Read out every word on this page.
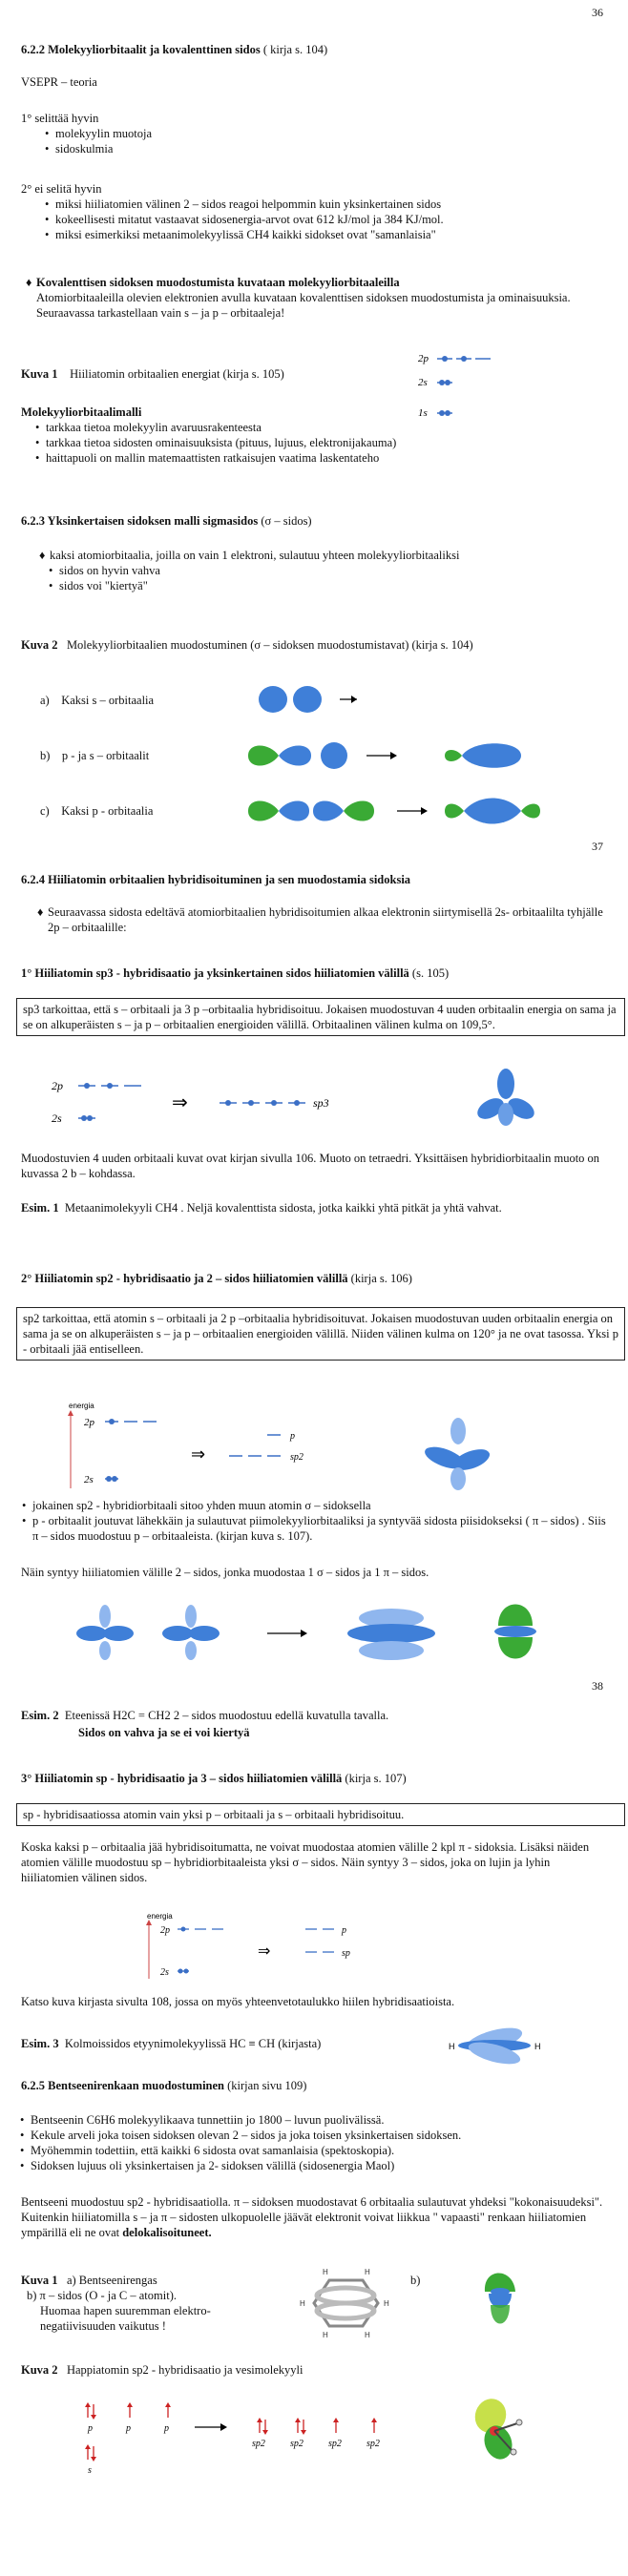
36
6.2.2 Molekyyliorbitaalit ja kovalenttinen sidos ( kirja s. 104)
VSEPR – teoria
1° selittää hyvin
• molekyylin muotoja
• sidoskulmia
2° ei selitä hyvin
• miksi hiiliatomien välinen 2 – sidos reagoi helpommin kuin yksinkertainen sidos
• kokeellisesti mitatut vastaavat sidosenergia-arvot ovat 612 kJ/mol ja 384 KJ/mol.
• miksi esimerkiksi metaanimolekyylissä CH4 kaikki sidokset ovat "samanlaisia"
♦ Kovalenttisen sidoksen muodostumista kuvataan molekyyliorbitaaleilla
Atomiorbitaaleilla olevien elektronien avulla kuvataan kovalenttisen sidoksen muodostumista ja ominaisuuksia. Seuraavassa tarkastellaan vain s – ja p – orbitaaleja!
Kuva 1 Hiiliatomin orbitaalien energiat (kirja s. 105)
2p
2s
1s
Molekyyliorbitaalimalli
• tarkkaa tietoa molekyylin avaruusrakenteesta
• tarkkaa tietoa sidosten ominaisuuksista (pituus, lujuus, elektronijakauma)
• haittapuoli on mallin matemaattisten ratkaisujen vaatima laskentateho
6.2.3 Yksinkertaisen sidoksen malli sigmasidos (σ – sidos)
♦ kaksi atomiorbitaalia, joilla on vain 1 elektroni, sulautuu yhteen molekyyliorbitaaliksi
• sidos on hyvin vahva
• sidos voi "kiertyä"
Kuva 2 Molekyyliorbitaalien muodostuminen (σ – sidoksen muodostumistavat) (kirja s. 104)
a) Kaksi s – orbitaalia
b) p - ja s – orbitaalit
c) Kaksi p - orbitaalia
37
6.2.4 Hiiliatomin orbitaalien hybridisoituminen ja sen muodostamia sidoksia
♦ Seuraavassa sidosta edeltävä atomiorbitaalien hybridisoitumien alkaa elektronin siirtymisellä 2s- orbitaalilta tyhjälle 2p – orbitaalille:
1° Hiiliatomin sp3 - hybridisaatio ja yksinkertainen sidos hiiliatomien välillä (s. 105)
sp3 tarkoittaa, että s – orbitaali ja 3 p –orbitaalia hybridisoituu. Jokaisen muodostuvan 4 uuden orbitaalin energia on sama ja se on alkuperäisten s – ja p – orbitaalien energioiden välillä. Orbitaalinen välinen kulma on 109,5°.
2p
2s
⇒	sp3
Muodostuvien 4 uuden orbitaali kuvat ovat kirjan sivulla 106. Muoto on tetraedri. Yksittäisen hybridiorbitaalin muoto on kuvassa 2 b – kohdassa.
Esim. 1 Metaanimolekyyli CH4 . Neljä kovalenttista sidosta, jotka kaikki yhtä pitkät ja yhtä vahvat.
2° Hiiliatomin sp2 - hybridisaatio ja 2 – sidos hiiliatomien välillä (kirja s. 106)
sp2 tarkoittaa, että atomin s – orbitaali ja 2 p –orbitaalia hybridisoituvat. Jokaisen muodostuvan uuden orbitaalin energia on sama ja se on alkuperäisten s – ja p – orbitaalien energioiden välillä. Niiden välinen kulma on 120° ja ne ovat tasossa. Yksi p - orbitaali jää entiselleen.
energia
2p
2s
⇒
p
sp2
• jokainen sp2 - hybridiorbitaali sitoo yhden muun atomin σ – sidoksella
• p - orbitaalit joutuvat lähekkäin ja sulautuvat piimolekyyliorbitaaliksi ja syntyvää sidosta piisidokseksi ( π – sidos) . Siis π – sidos muodostuu p – orbitaaleista. (kirjan kuva s. 107).
Näin syntyy hiiliatomien välille 2 – sidos, jonka muodostaa 1 σ – sidos ja 1 π – sidos.
38
Esim. 2 Eteenissä H2C = CH2 2 – sidos muodostuu edellä kuvatulla tavalla.
Sidos on vahva ja se ei voi kiertyä
3° Hiiliatomin sp - hybridisaatio ja 3 – sidos hiiliatomien välillä (kirja s. 107)
sp - hybridisaatiossa atomin vain yksi p – orbitaali ja s – orbitaali hybridisoituu.
Koska kaksi p – orbitaalia jää hybridisoitumatta, ne voivat muodostaa atomien välille 2 kpl π - sidoksia. Lisäksi näiden atomien välille muodostuu sp – hybridiorbitaaleista yksi σ – sidos. Näin syntyy 3 – sidos, joka on lujin ja lyhin hiiliatomien välinen sidos.
energia
2p
2s
⇒
p
sp
Katso kuva kirjasta sivulta 108, jossa on myös yhteenvetotaulukko hiilen hybridisaatioista.
Esim. 3 Kolmoissidos etyynimolekyylissä HC ≡ CH (kirjasta)	H	H
6.2.5 Bentseenirenkaan muodostuminen (kirjan sivu 109)
• Bentseenin C6H6 molekyylikaava tunnettiin jo 1800 – luvun puolivälissä.
• Kekule arveli joka toisen sidoksen olevan 2 – sidos ja joka toisen yksinkertaisen sidoksen.
• Myöhemmin todettiin, että kaikki 6 sidosta ovat samanlaisia (spektoskopia).
• Sidoksen lujuus oli yksinkertaisen ja 2- sidoksen välillä (sidosenergia Maol)
Bentseeni muodostuu sp2 - hybridisaatiolla. π – sidoksen muodostavat 6 orbitaalia sulautuvat yhdeksi "kokonaisuudeksi". Kuitenkin hiiliatomilla s – ja π – sidosten ulkopuolelle jäävät elektronit voivat liikkua " vapaasti" renkaan hiiliatomien ympärillä eli ne ovat delokalisoituneet.
Kuva 1 a) Bentseenirengas
b) π – sidos (O - ja C – atomit).
Huomaa hapen suuremman elektro-negatiivisuuden vaikutus !
H	H
H	H
H	H
b)
Kuva 2 Happiatomin sp2 - hybridisaatio ja vesimolekyyli
p	p	p
sp2	sp2	sp2	sp2
s
